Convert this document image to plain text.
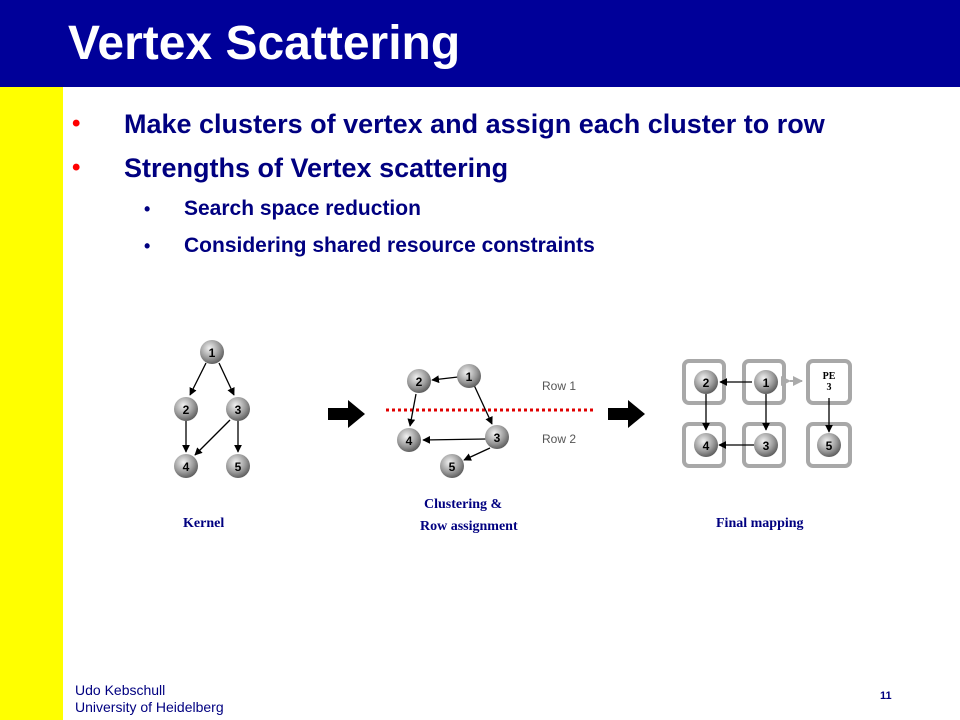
Vertex Scattering
• Make clusters of vertex and assign each cluster to row
• Strengths of Vertex scattering
• Search space reduction
• Considering shared resource constraints
1
2	3
4	5
1
2
3
4
5
Row 1
Row 2
2	1
4	3	5
PE
3
Kernel
Clustering &
Row assignment	Final mapping
Udo Kebschull
University of Heidelberg
11
